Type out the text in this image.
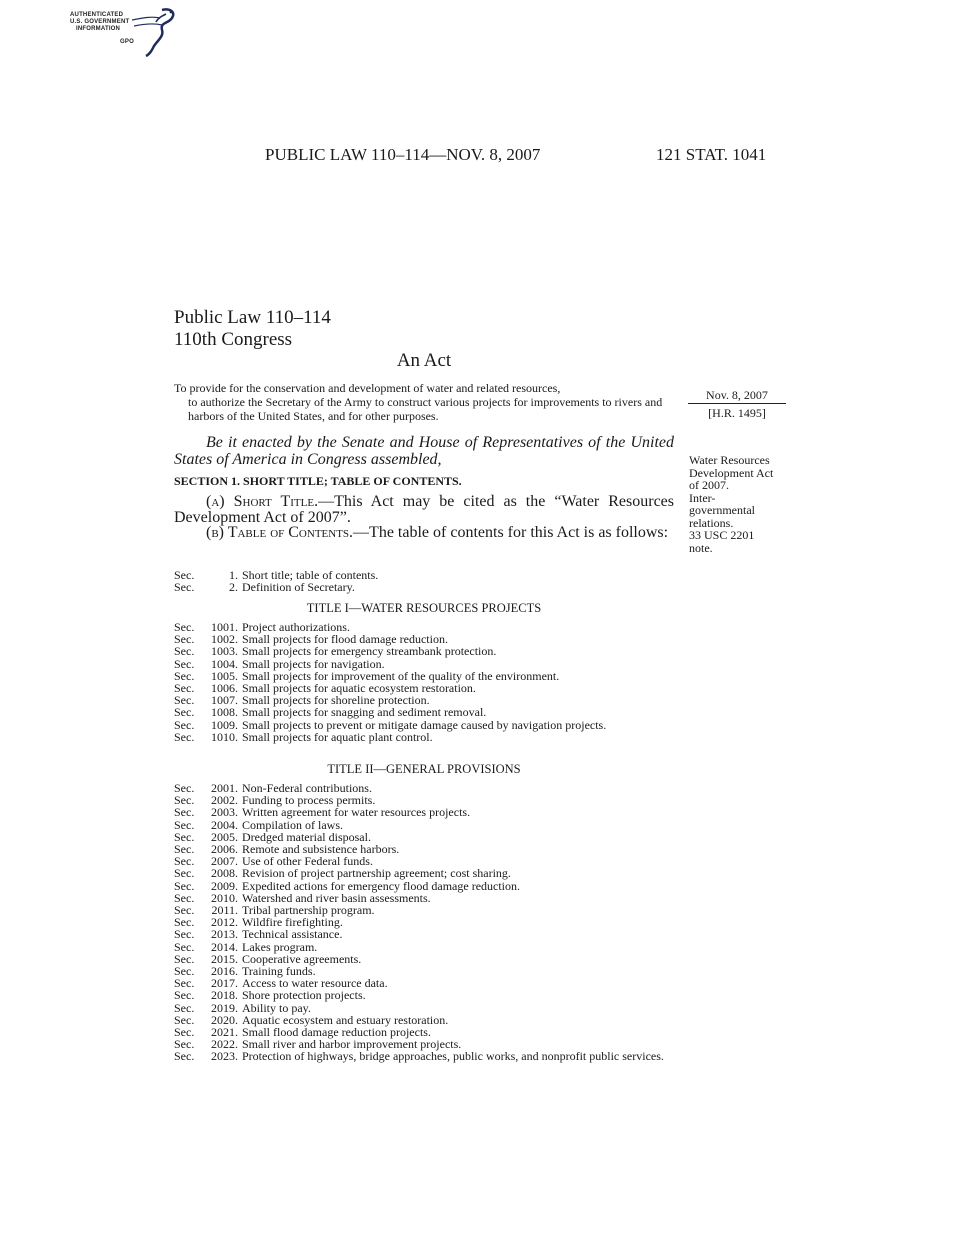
AUTHENTICATED
U.S. GOVERNMENT
INFORMATION
GPO
PUBLIC LAW 110–114—NOV. 8, 2007	121 STAT. 1041
Public Law 110–114
110th Congress
An Act
To provide for the conservation and development of water and related resources,
to authorize the Secretary of the Army to construct various projects for improvements to rivers and harbors of the United States, and for other purposes.
Nov. 8, 2007
[H.R. 1495]
Be it enacted by the Senate and House of Representatives of the United States of America in Congress assembled,
SECTION 1. SHORT TITLE; TABLE OF CONTENTS.
(a) Short Title.—This Act may be cited as the “Water Resources Development Act of 2007”.
(b) Table of Contents.—The table of contents for this Act is as follows:
Water Resources
Development Act
of 2007.
Inter-
governmental
relations.
33 USC 2201
note.
Sec.	1. Short title; table of contents.
Sec.	2. Definition of Secretary.
TITLE I—WATER RESOURCES PROJECTS
Sec.	1001. Project authorizations.
Sec.	1002. Small projects for flood damage reduction.
Sec.	1003. Small projects for emergency streambank protection.
Sec.	1004. Small projects for navigation.
Sec.	1005. Small projects for improvement of the quality of the environment.
Sec.	1006. Small projects for aquatic ecosystem restoration.
Sec.	1007. Small projects for shoreline protection.
Sec.	1008. Small projects for snagging and sediment removal.
Sec.	1009. Small projects to prevent or mitigate damage caused by navigation projects.
Sec.	1010. Small projects for aquatic plant control.
TITLE II—GENERAL PROVISIONS
Sec.	2001. Non-Federal contributions.
Sec.	2002. Funding to process permits.
Sec.	2003. Written agreement for water resources projects.
Sec.	2004. Compilation of laws.
Sec.	2005. Dredged material disposal.
Sec.	2006. Remote and subsistence harbors.
Sec.	2007. Use of other Federal funds.
Sec.	2008. Revision of project partnership agreement; cost sharing.
Sec.	2009. Expedited actions for emergency flood damage reduction.
Sec.	2010. Watershed and river basin assessments.
Sec.	2011. Tribal partnership program.
Sec.	2012. Wildfire firefighting.
Sec.	2013. Technical assistance.
Sec.	2014. Lakes program.
Sec.	2015. Cooperative agreements.
Sec.	2016. Training funds.
Sec.	2017. Access to water resource data.
Sec.	2018. Shore protection projects.
Sec.	2019. Ability to pay.
Sec.	2020. Aquatic ecosystem and estuary restoration.
Sec.	2021. Small flood damage reduction projects.
Sec.	2022. Small river and harbor improvement projects.
Sec.	2023. Protection of highways, bridge approaches, public works, and nonprofit public services.
